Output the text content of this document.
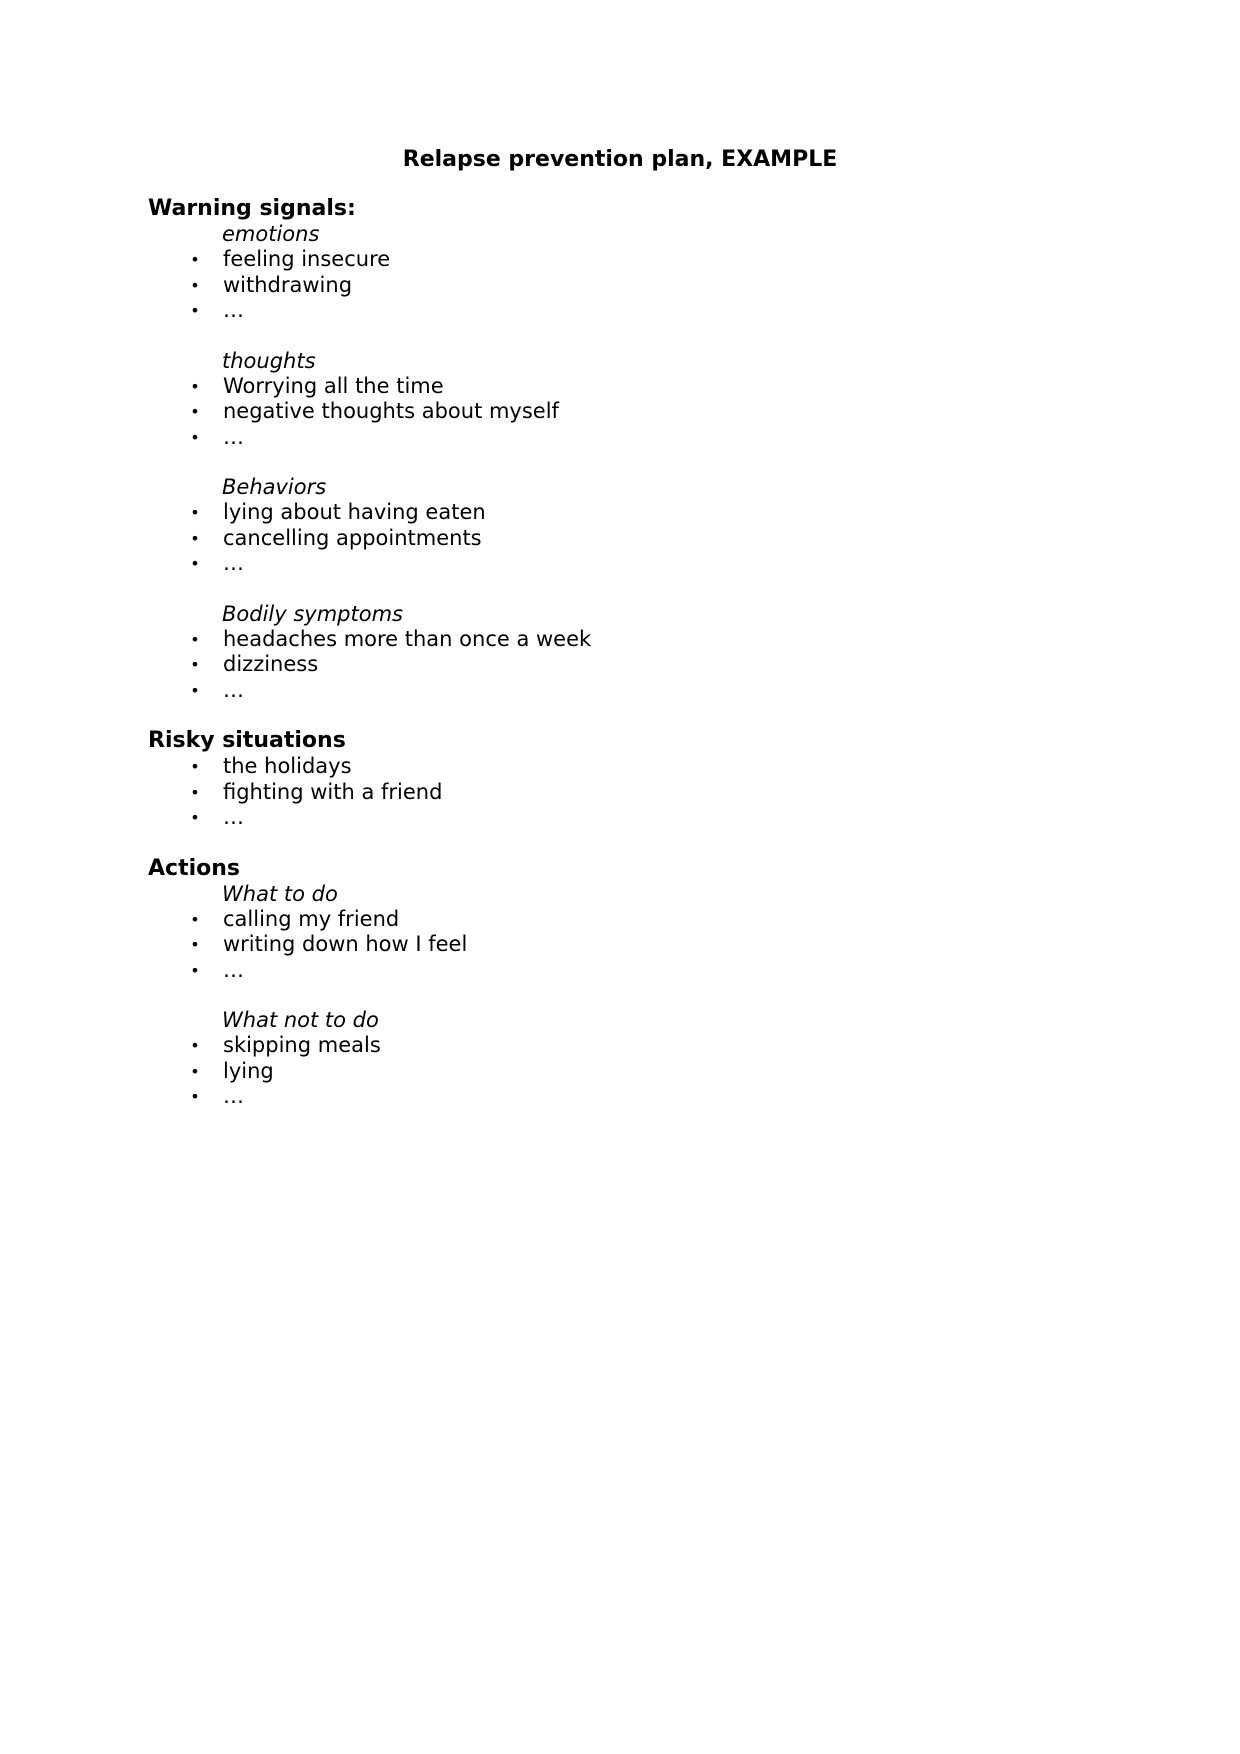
Relapse prevention plan, EXAMPLE
Warning signals:
emotions
• feeling insecure
• withdrawing
• …
thoughts
• Worrying all the time
• negative thoughts about myself
• …
Behaviors
• lying about having eaten
• cancelling appointments
• …
Bodily symptoms
• headaches more than once a week
• dizziness
• …
Risky situations
• the holidays
• fighting with a friend
• …
Actions
What to do
• calling my friend
• writing down how I feel
• …
What not to do
• skipping meals
• lying
• …
